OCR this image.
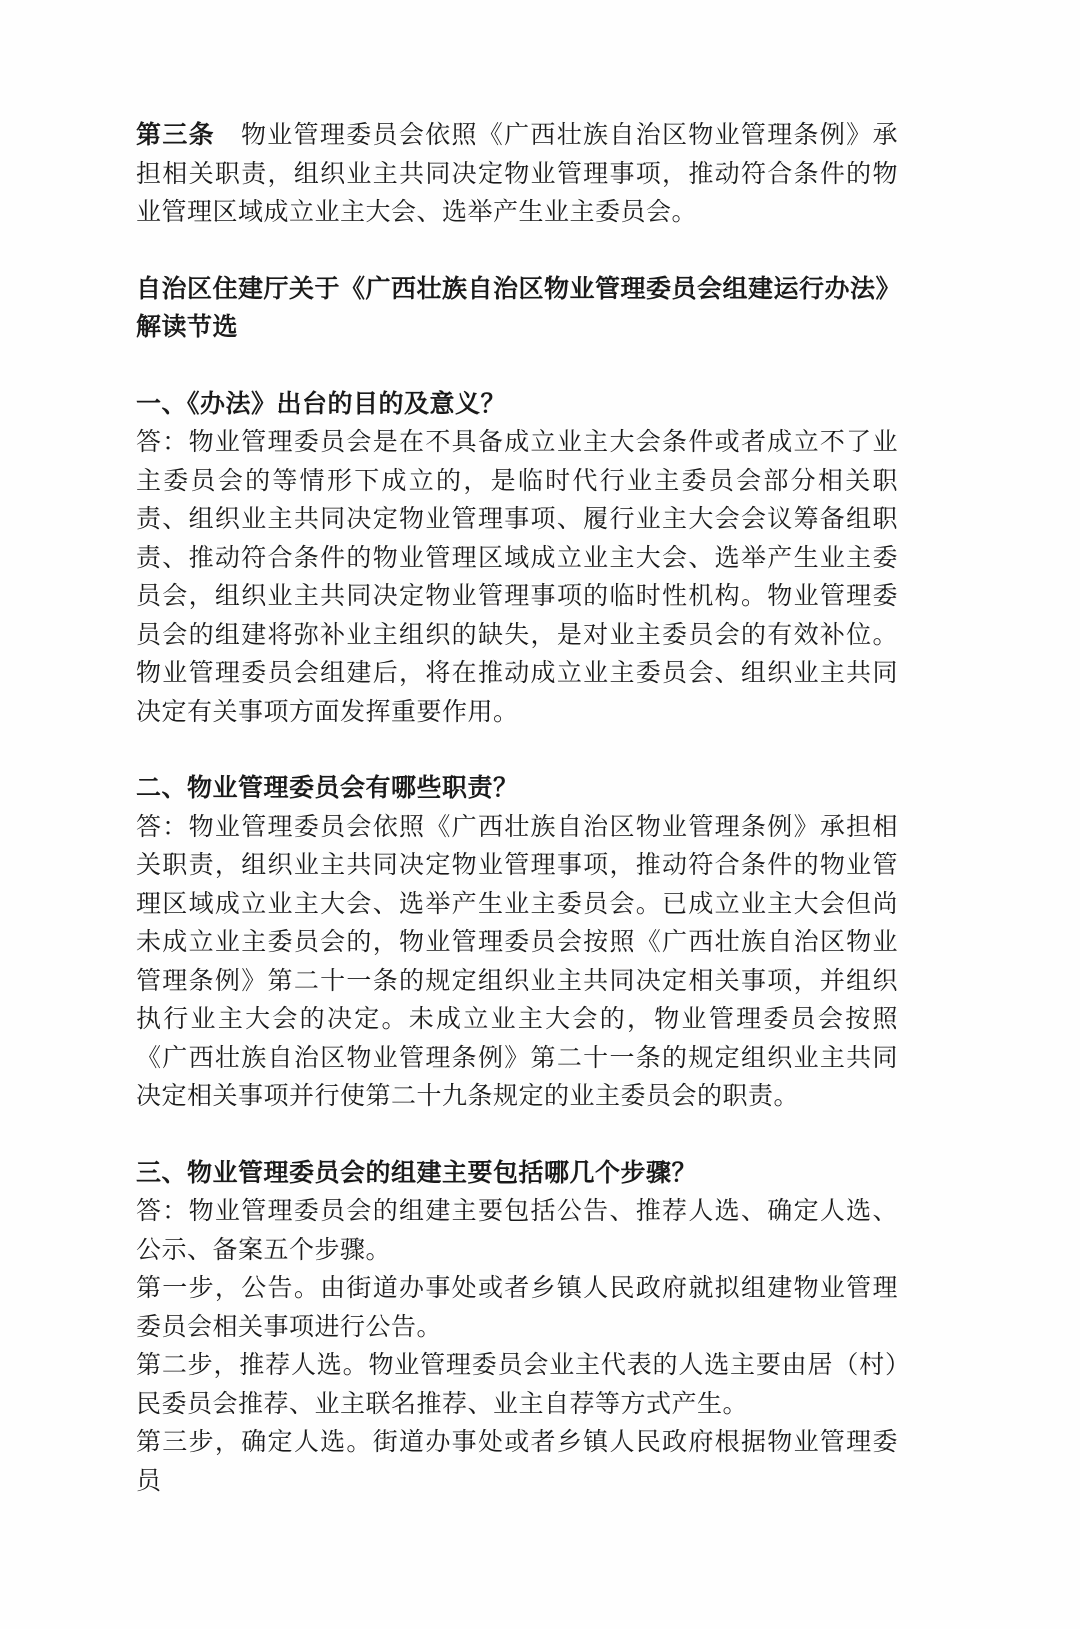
第三条 物业管理委员会依照《广西壮族自治区物业管理条例》承担相关职责，组织业主共同决定物业管理事项，推动符合条件的物业管理区域成立业主大会、选举产生业主委员会。

自治区住建厅关于《广西壮族自治区物业管理委员会组建运行办法》

解读节选

一、《办法》出台的目的及意义？

答：物业管理委员会是在不具备成立业主大会条件或者成立不了业主委员会的等情形下成立的，是临时代行业主委员会部分相关职责、组织业主共同决定物业管理事项、履行业主大会会议筹备组职责、推动符合条件的物业管理区域成立业主大会、选举产生业主委员会，组织业主共同决定物业管理事项的临时性机构。物业管理委员会的组建将弥补业主组织的缺失，是对业主委员会的有效补位。物业管理委员会组建后，将在推动成立业主委员会、组织业主共同决定有关事项方面发挥重要作用。

二、物业管理委员会有哪些职责？

答：物业管理委员会依照《广西壮族自治区物业管理条例》承担相关职责，组织业主共同决定物业管理事项，推动符合条件的物业管理区域成立业主大会、选举产生业主委员会。已成立业主大会但尚未成立业主委员会的，物业管理委员会按照《广西壮族自治区物业管理条例》第二十一条的规定组织业主共同决定相关事项，并组织执行业主大会的决定。未成立业主大会的，物业管理委员会按照《广西壮族自治区物业管理条例》第二十一条的规定组织业主共同决定相关事项并行使第二十九条规定的业主委员会的职责。

三、物业管理委员会的组建主要包括哪几个步骤？

答：物业管理委员会的组建主要包括公告、推荐人选、确定人选、公示、备案五个步骤。

第一步，公告。由街道办事处或者乡镇人民政府就拟组建物业管理委员会相关事项进行公告。

第二步，推荐人选。物业管理委员会业主代表的人选主要由居（村）民委员会推荐、业主联名推荐、业主自荐等方式产生。

第三步，确定人选。街道办事处或者乡镇人民政府根据物业管理委员
